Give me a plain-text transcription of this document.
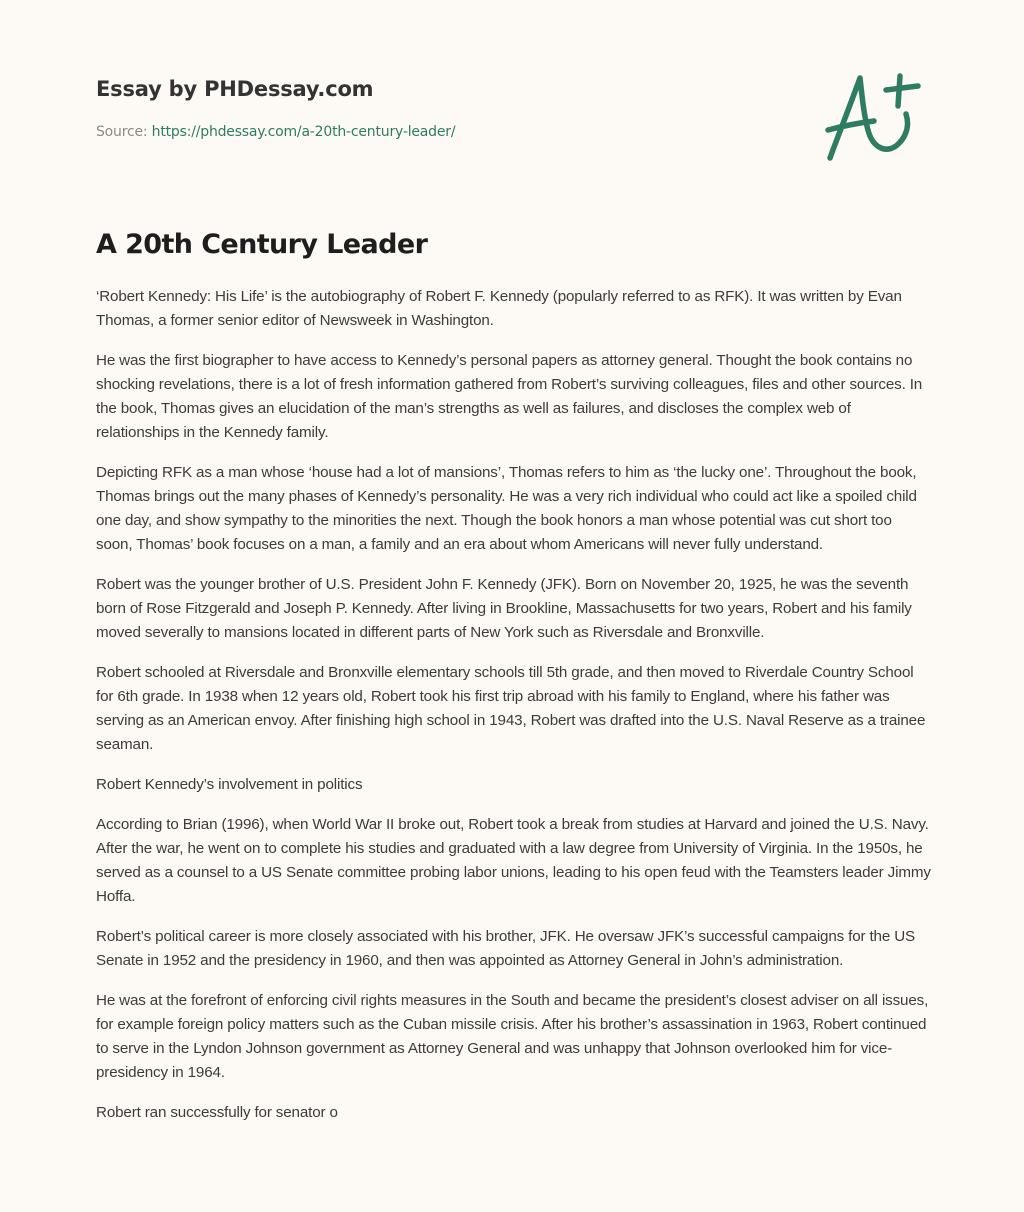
Essay by PHDessay.com
Source: https://phdessay.com/a-20th-century-leader/
A 20th Century Leader

‘Robert Kennedy: His Life’ is the autobiography of Robert F. Kennedy (popularly referred to as RFK). It was written by Evan Thomas, a former senior editor of Newsweek in Washington.

He was the first biographer to have access to Kennedy’s personal papers as attorney general. Thought the book contains no shocking revelations, there is a lot of fresh information gathered from Robert’s surviving colleagues, files and other sources. In the book, Thomas gives an elucidation of the man’s strengths as well as failures, and discloses the complex web of relationships in the Kennedy family.

Depicting RFK as a man whose ‘house had a lot of mansions’, Thomas refers to him as ‘the lucky one’. Throughout the book, Thomas brings out the many phases of Kennedy’s personality. He was a very rich individual who could act like a spoiled child one day, and show sympathy to the minorities the next. Though the book honors a man whose potential was cut short too soon, Thomas’ book focuses on a man, a family and an era about whom Americans will never fully understand.

Robert was the younger brother of U.S. President John F. Kennedy (JFK). Born on November 20, 1925, he was the seventh born of Rose Fitzgerald and Joseph P. Kennedy. After living in Brookline, Massachusetts for two years, Robert and his family moved severally to mansions located in different parts of New York such as Riversdale and Bronxville.

Robert schooled at Riversdale and Bronxville elementary schools till 5th grade, and then moved to Riverdale Country School for 6th grade. In 1938 when 12 years old, Robert took his first trip abroad with his family to England, where his father was serving as an American envoy. After finishing high school in 1943, Robert was drafted into the U.S. Naval Reserve as a trainee seaman.

Robert Kennedy’s involvement in politics

According to Brian (1996), when World War II broke out, Robert took a break from studies at Harvard and joined the U.S. Navy. After the war, he went on to complete his studies and graduated with a law degree from University of Virginia. In the 1950s, he served as a counsel to a US Senate committee probing labor unions, leading to his open feud with the Teamsters leader Jimmy Hoffa.

Robert’s political career is more closely associated with his brother, JFK. He oversaw JFK’s successful campaigns for the US Senate in 1952 and the presidency in 1960, and then was appointed as Attorney General in John’s administration.

He was at the forefront of enforcing civil rights measures in the South and became the president’s closest adviser on all issues, for example foreign policy matters such as the Cuban missile crisis. After his brother’s assassination in 1963, Robert continued to serve in the Lyndon Johnson government as Attorney General and was unhappy that Johnson overlooked him for vice-presidency in 1964.

Robert ran successfully for senator o
